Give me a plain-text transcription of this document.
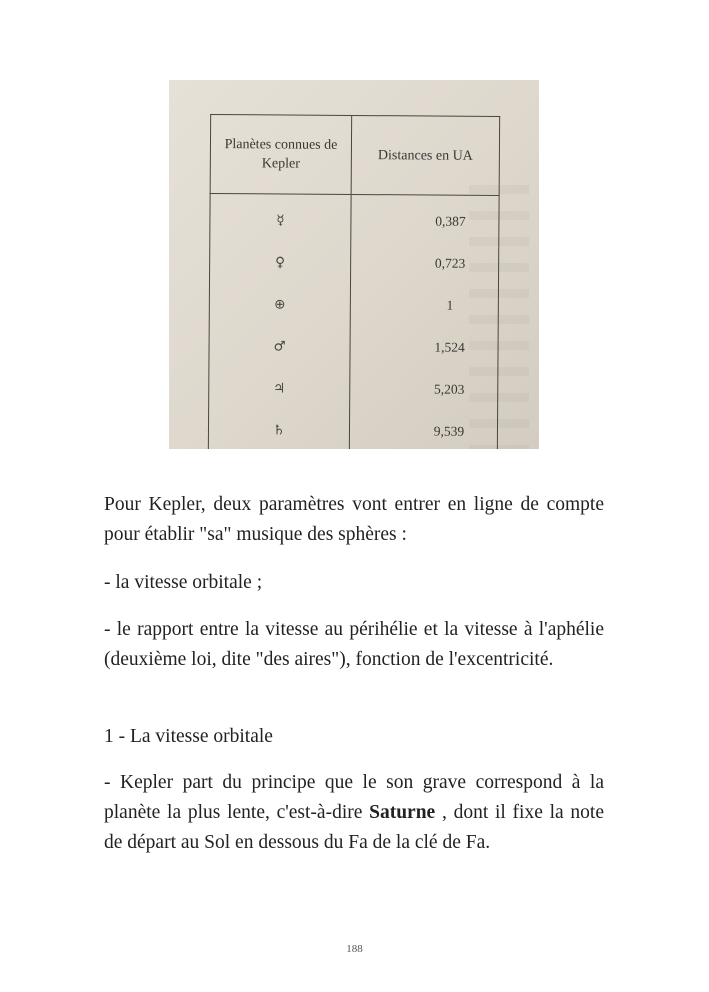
Planètes connues de Kepler	Distances en UA
☿	0,387
♀	0,723
⊕	1
♂	1,524
♃	5,203
♄	9,539

Pour Kepler, deux paramètres vont entrer en ligne de compte pour établir "sa" musique des sphères :

- la vitesse orbitale ;

- le rapport entre la vitesse au périhélie et la vitesse à l'aphélie (deuxième loi, dite "des aires"), fonction de l'excentricité.

1 - La vitesse orbitale

- Kepler part du principe que le son grave correspond à la planète la plus lente, c'est-à-dire Saturne , dont il fixe la note de départ au Sol en dessous du Fa de la clé de Fa.

188
